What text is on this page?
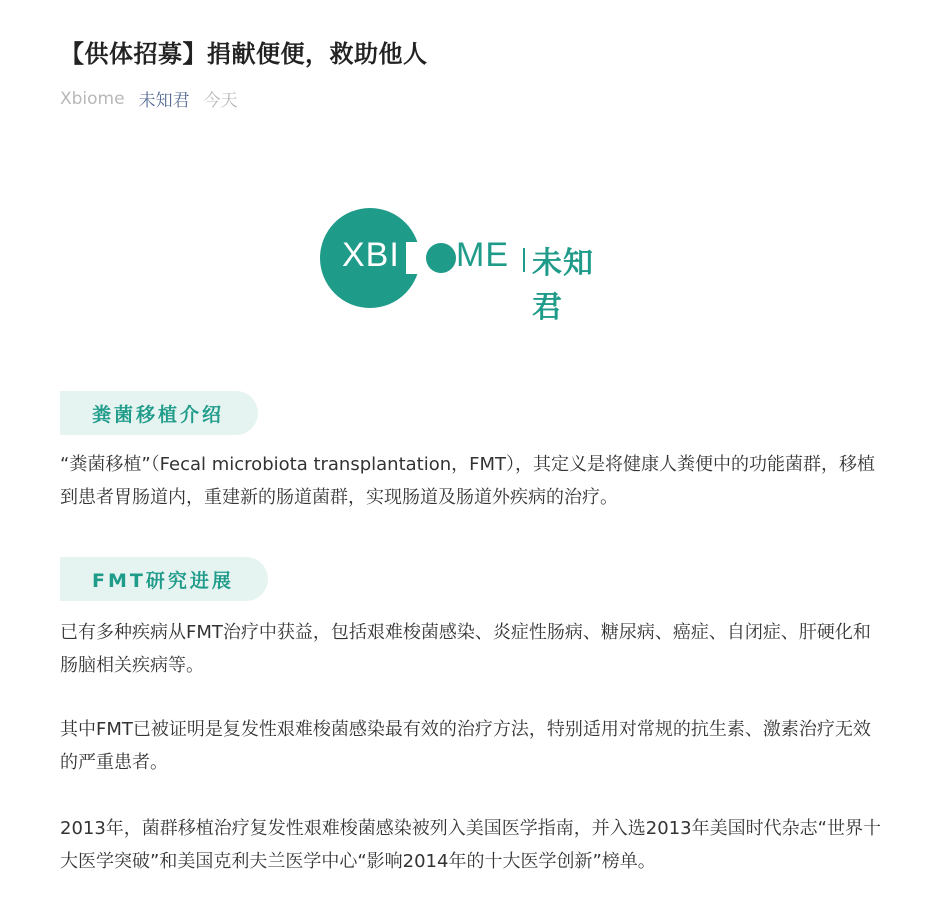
【供体招募】捐献便便，救助他人
Xbiome 未知君 今天
XBI ME 未知君
粪菌移植介绍

“粪菌移植”（Fecal microbiota transplantation，FMT），其定义是将健康人粪便中的功能菌群，移植到患者胃肠道内，重建新的肠道菌群，实现肠道及肠道外疾病的治疗。

FMT研究进展

已有多种疾病从FMT治疗中获益，包括艰难梭菌感染、炎症性肠病、糖尿病、癌症、自闭症、肝硬化和肠脑相关疾病等。

其中FMT已被证明是复发性艰难梭菌感染最有效的治疗方法，特别适用对常规的抗生素、激素治疗无效的严重患者。

2013年，菌群移植治疗复发性艰难梭菌感染被列入美国医学指南，并入选2013年美国时代杂志“世界十大医学突破”和美国克利夫兰医学中心“影响2014年的十大医学创新”榜单。
